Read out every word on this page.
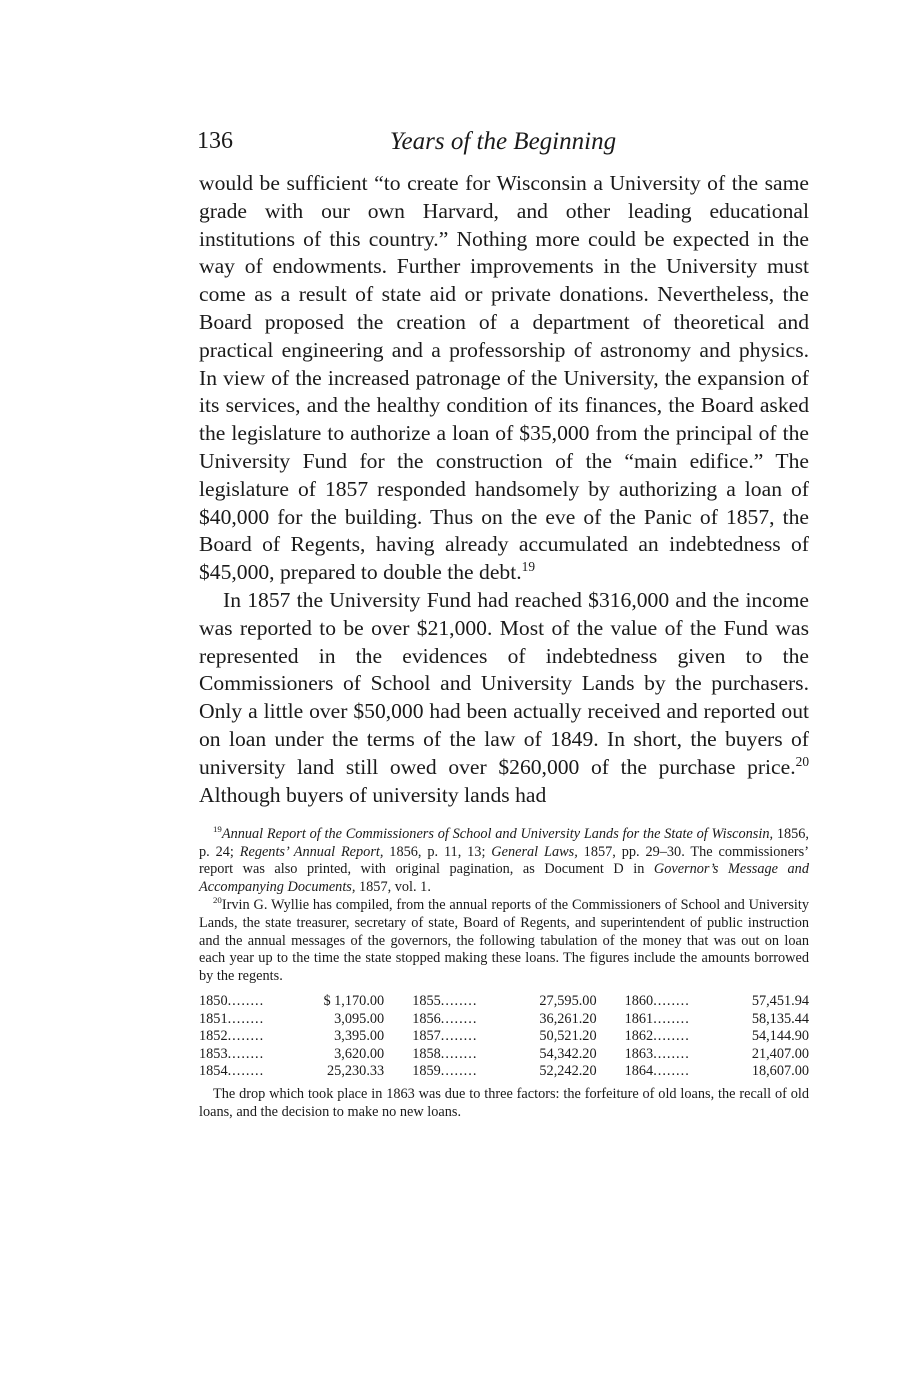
136	Years of the Beginning

would be sufficient “to create for Wisconsin a University of the same grade with our own Harvard, and other leading educational institutions of this country.” Nothing more could be expected in the way of endowments. Further improvements in the University must come as a result of state aid or private donations. Nevertheless, the Board proposed the creation of a department of theoretical and practical engineering and a professorship of astronomy and physics. In view of the increased patronage of the University, the expansion of its services, and the healthy condition of its finances, the Board asked the legislature to authorize a loan of $35,000 from the principal of the University Fund for the construction of the “main edifice.” The legislature of 1857 responded handsomely by authorizing a loan of $40,000 for the building. Thus on the eve of the Panic of 1857, the Board of Regents, having already accumulated an indebtedness of $45,000, prepared to double the debt.$^{19}$

In 1857 the University Fund had reached $316,000 and the income was reported to be over $21,000. Most of the value of the Fund was represented in the evidences of indebtedness given to the Commissioners of School and University Lands by the purchasers. Only a little over $50,000 had been actually received and reported out on loan under the terms of the law of 1849. In short, the buyers of university land still owed over $260,000 of the purchase price.$^{20}$ Although buyers of university lands had

$^{19}$Annual Report of the Commissioners of School and University Lands for the State of Wisconsin, 1856, p. 24; Regents’ Annual Report, 1856, p. 11, 13; General Laws, 1857, pp. 29–30. The commissioners’ report was also printed, with original pagination, as Document D in Governor’s Message and Accompanying Documents, 1857, vol. 1.

$^{20}$Irvin G. Wyllie has compiled, from the annual reports of the Commissioners of School and University Lands, the state treasurer, secretary of state, Board of Regents, and superintendent of public instruction and the annual messages of the governors, the following tabulation of the money that was out on loan each year up to the time the state stopped making these loans. The figures include the amounts borrowed by the regents.

1850	........	$ 1,170.00	1855	........	27,595.00	1860	........	57,451.94
1851	........	3,095.00	1856	........	36,261.20	1861	........	58,135.44
1852	........	3,395.00	1857	........	50,521.20	1862	........	54,144.90
1853	........	3,620.00	1858	........	54,342.20	1863	........	21,407.00
1854	........	25,230.33	1859	........	52,242.20	1864	........	18,607.00

The drop which took place in 1863 was due to three factors: the forfeiture of old loans, the recall of old loans, and the decision to make no new loans.
